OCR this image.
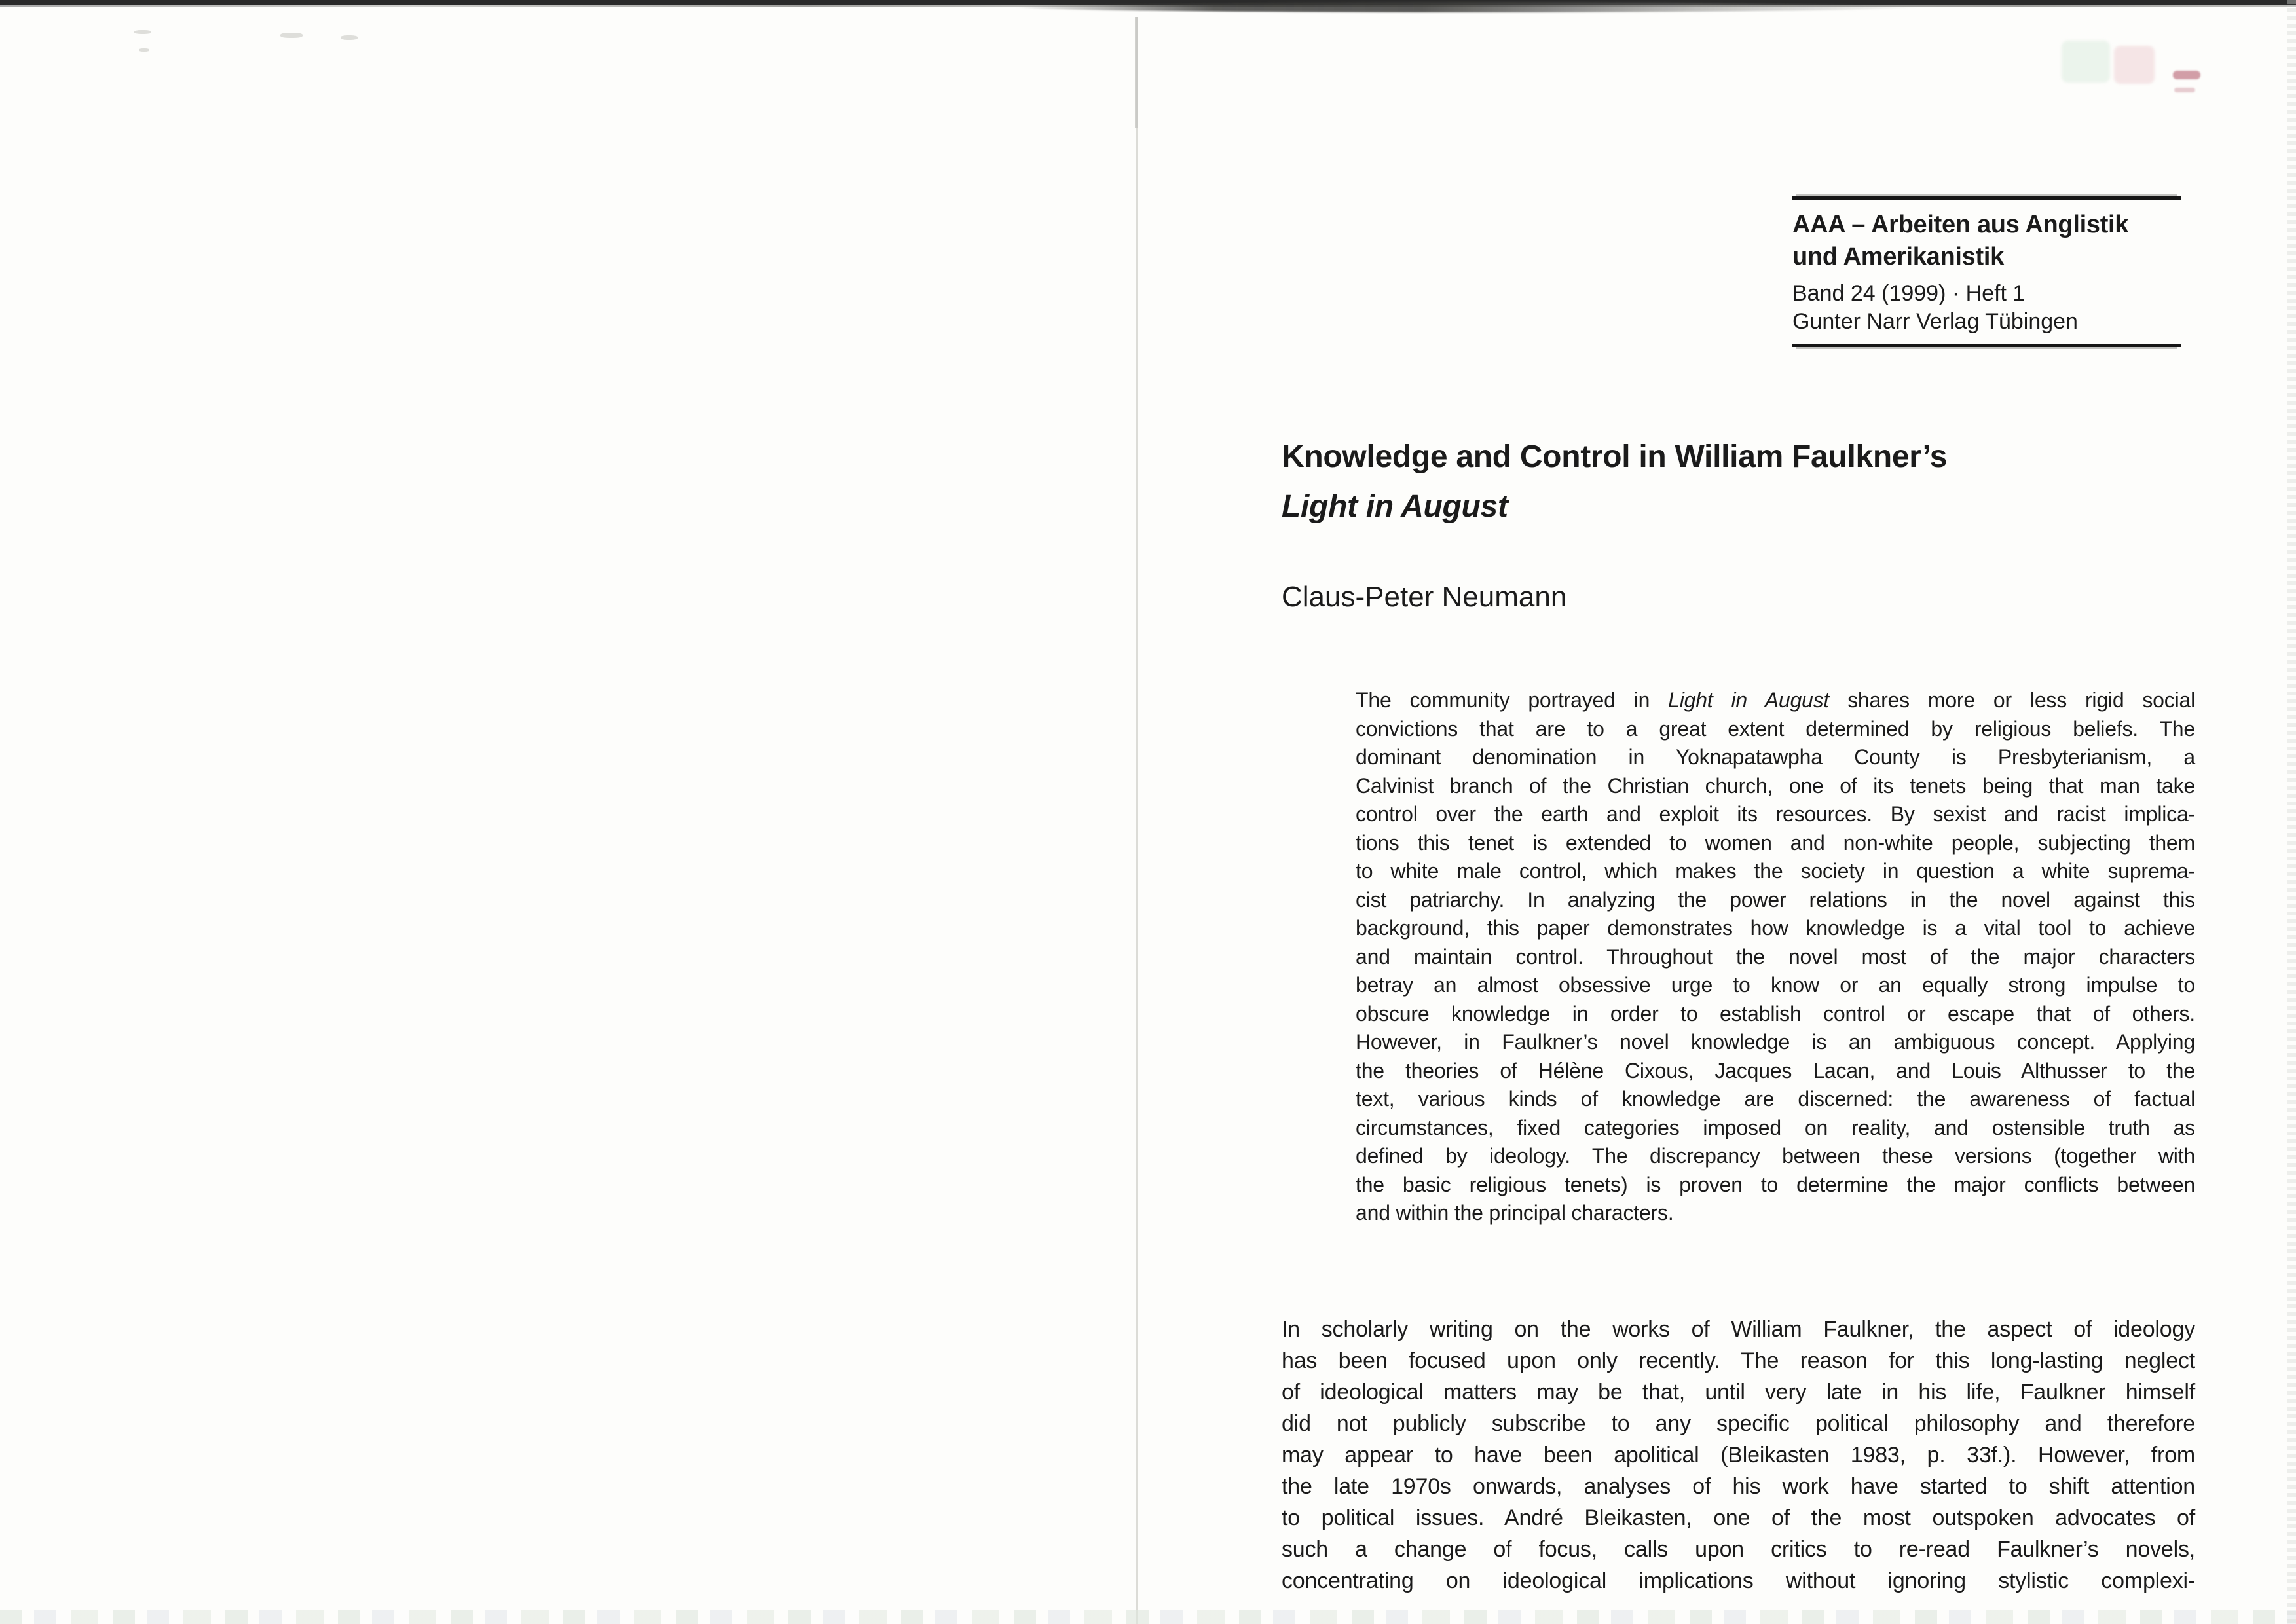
AAA – Arbeiten aus Anglistik
und Amerikanistik
Band 24 (1999) · Heft 1
Gunter Narr Verlag Tübingen
Knowledge and Control in William Faulkner’s
Light in August
Claus-Peter Neumann
The community portrayed in Light in August shares more or less rigid social
convictions that are to a great extent determined by religious beliefs. The
dominant denomination in Yoknapatawpha County is Presbyterianism, a
Calvinist branch of the Christian church, one of its tenets being that man take
control over the earth and exploit its resources. By sexist and racist implica-
tions this tenet is extended to women and non-white people, subjecting them
to white male control, which makes the society in question a white suprema-
cist patriarchy. In analyzing the power relations in the novel against this
background, this paper demonstrates how knowledge is a vital tool to achieve
and maintain control. Throughout the novel most of the major characters
betray an almost obsessive urge to know or an equally strong impulse to
obscure knowledge in order to establish control or escape that of others.
However, in Faulkner’s novel knowledge is an ambiguous concept. Applying
the theories of Hélène Cixous, Jacques Lacan, and Louis Althusser to the
text, various kinds of knowledge are discerned: the awareness of factual
circumstances, fixed categories imposed on reality, and ostensible truth as
defined by ideology. The discrepancy between these versions (together with
the basic religious tenets) is proven to determine the major conflicts between
and within the principal characters.
In scholarly writing on the works of William Faulkner, the aspect of ideology
has been focused upon only recently. The reason for this long-lasting neglect
of ideological matters may be that, until very late in his life, Faulkner himself
did not publicly subscribe to any specific political philosophy and therefore
may appear to have been apolitical (Bleikasten 1983, p. 33f.). However, from
the late 1970s onwards, analyses of his work have started to shift attention
to political issues. André Bleikasten, one of the most outspoken advocates of
such a change of focus, calls upon critics to re-read Faulkner’s novels,
concentrating on ideological implications without ignoring stylistic complexi-
